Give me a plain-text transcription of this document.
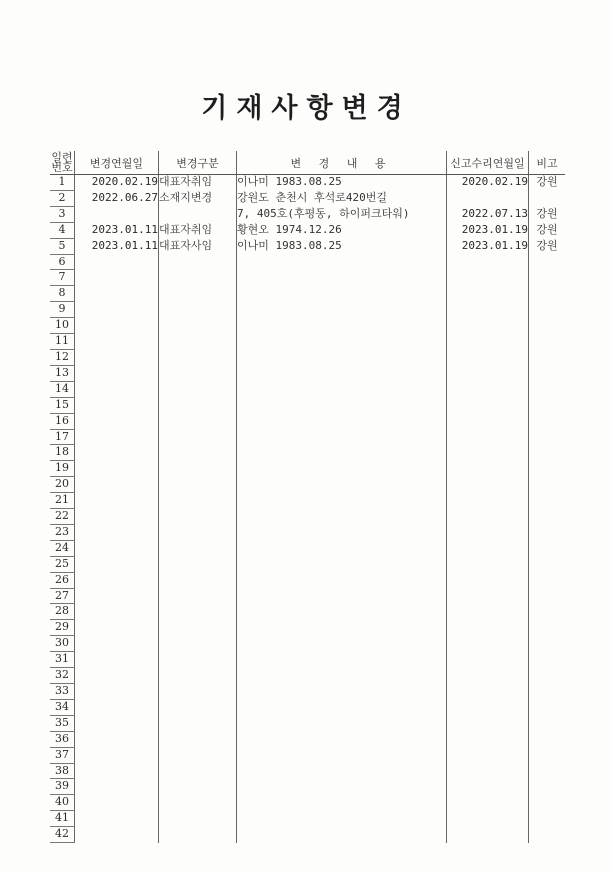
기재사항변경
일련번호	변경연월일	변경구분	변 경 내 용	신고수리연월일	비고
1	2020.02.19	대표자취임	이나미 1983.08.25	2020.02.19	강원
2	2022.06.27	소재지변경	강원도 춘천시 후석로420번길		
3			7, 405호(후평동, 하이퍼크타워)	2022.07.13	강원
4	2023.01.11	대표자취임	황현오 1974.12.26	2023.01.19	강원
5	2023.01.11	대표자사임	이나미 1983.08.25	2023.01.19	강원
6					
7					
8					
9					
10					
11					
12					
13					
14					
15					
16					
17					
18					
19					
20					
21					
22					
23					
24					
25					
26					
27					
28					
29					
30					
31					
32					
33					
34					
35					
36					
37					
38					
39					
40					
41					
42					
